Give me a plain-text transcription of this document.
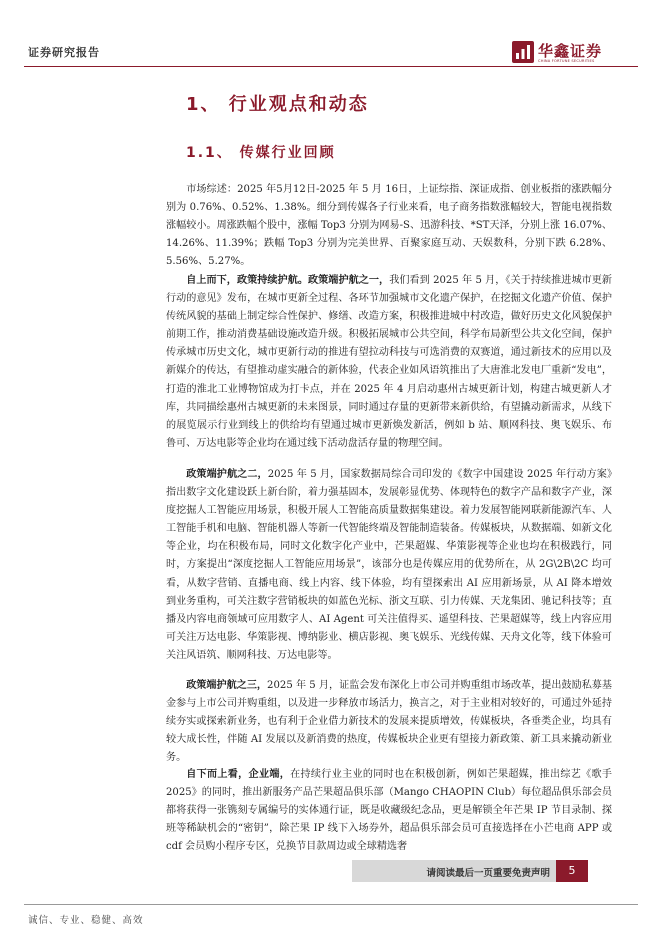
证券研究报告	华鑫证券
CHINA FORTUNE SECURITIES
1、 行业观点和动态
1.1、 传媒行业回顾

市场综述：2025 年5月12日-2025 年 5 月 16日，上证综指、深证成指、创业板指的涨跌幅分别为 0.76%、0.52%、1.38%。细分到传媒各子行业来看，电子商务指数涨幅较大，智能电视指数涨幅较小。周涨跌幅个股中，涨幅 Top3 分别为网易-S、迅游科技、*ST天泽，分别上涨 16.07%、14.26%、11.39%；跌幅 Top3 分别为完美世界、百聚家庭互动、天娱数科，分别下跌 6.28%、5.56%、5.27%。

自上而下，政策持续护航。政策端护航之一，我们看到 2025 年 5 月，《关于持续推进城市更新行动的意见》发布，在城市更新全过程、各环节加强城市文化遗产保护，在挖掘文化遗产价值、保护传统风貌的基础上制定综合性保护、修缮、改造方案，积极推进城中村改造，做好历史文化风貌保护前期工作，推动消费基础设施改造升级。积极拓展城市公共空间，科学布局新型公共文化空间，保护传承城市历史文化，城市更新行动的推进有望拉动科技与可选消费的双赛道，通过新技术的应用以及新媒介的传达，有望推动虚实融合的新体验，代表企业如风语筑推出了大唐淮北发电厂重新“发电”，打造的淮北工业博物馆成为打卡点，并在 2025 年 4 月启动惠州古城更新计划，构建古城更新人才库，共同描绘惠州古城更新的未来图景，同时通过存量的更新带来新供给，有望撬动新需求，从线下的展览展示行业到线上的供给均有望通过城市更新焕发新活，例如 b 站、顺网科技、奥飞娱乐、布鲁可、万达电影等企业均在通过线下活动盘活存量的物理空间。

政策端护航之二，2025 年 5 月，国家数据局综合司印发的《数字中国建设 2025 年行动方案》指出数字文化建设跃上新台阶，着力强基固本，发展彰显优势、体现特色的数字产品和数字产业，深度挖掘人工智能应用场景，积极开展人工智能高质量数据集建设。着力发展智能网联新能源汽车、人工智能手机和电脑、智能机器人等新一代智能终端及智能制造装备。传媒板块，从数据端、如新文化等企业，均在积极布局，同时文化数字化产业中，芒果超媒、华策影视等企业也均在积极践行，同时，方案提出“深度挖掘人工智能应用场景”，该部分也是传媒应用的优势所在，从 2G\2B\2C 均可看，从数字营销、直播电商、线上内容、线下体验，均有望探索出 AI 应用新场景，从 AI 降本增效到业务重构，可关注数字营销板块的如蓝色光标、浙文互联、引力传媒、天龙集团、驰记科技等；直播及内容电商领域可应用数字人、AI Agent 可关注值得买、遥望科技、芒果超媒等，线上内容应用可关注万达电影、华策影视、博纳影业、横店影视、奥飞娱乐、光线传媒、天舟文化等，线下体验可关注风语筑、顺网科技、万达电影等。

政策端护航之三，2025 年 5 月，证监会发布深化上市公司并购重组市场改革，提出鼓励私募基金参与上市公司并购重组，以及进一步释放市场活力，换言之，对于主业相对较好的，可通过外延持续夯实或探索新业务，也有利于企业借力新技术的发展来提质增效，传媒板块，各垂类企业，均具有较大成长性，伴随 AI 发展以及新消费的热度，传媒板块企业更有望接力新政策、新工具来撬动新业务。

自下而上看，企业端，在持续行业主业的同时也在积极创新，例如芒果超媒，推出综艺《歌手 2025》的同时，推出新服务产品芒果超品俱乐部（Mango CHAOPIN Club）每位超品俱乐部会员都将获得一张镌刻专属编号的实体通行证，既是收藏级纪念品，更是解锁全年芒果 IP 节目录制、探班等稀缺机会的“密钥”，除芒果 IP 线下入场券外，超品俱乐部会员可直接选择在小芒电商 APP 或 cdf 会员购小程序专区，兑换节目款周边或全球精选奢

请阅读最后一页重要免责声明	5
诚信、专业、稳健、高效
